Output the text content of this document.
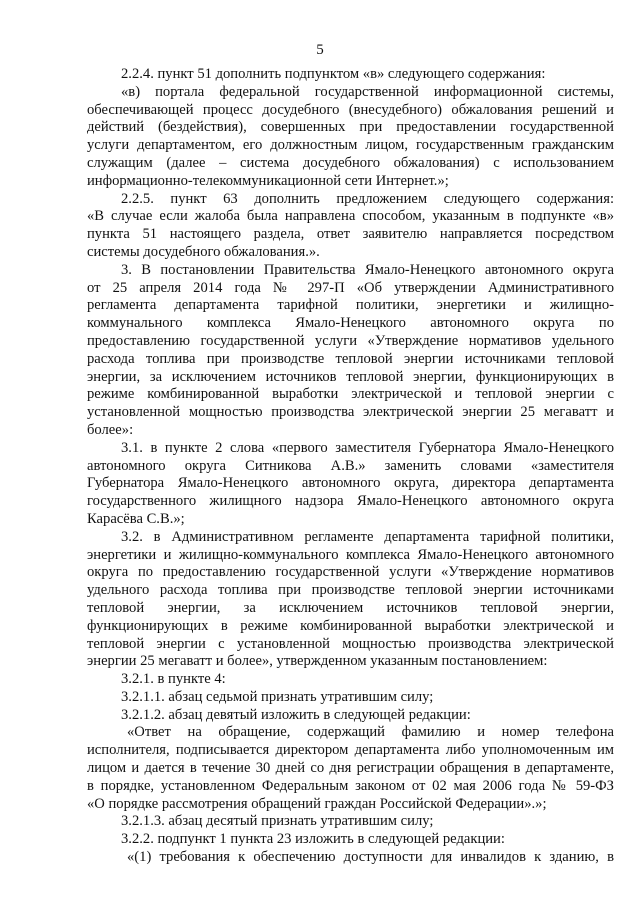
5
2.2.4. пункт 51 дополнить подпунктом «в» следующего содержания:
«в) портала федеральной государственной информационной системы,
обеспечивающей процесс досудебного (внесудебного) обжалования решений и
действий (бездействия), совершенных при предоставлении государственной
услуги департаментом, его должностным лицом, государственным гражданским
служащим (далее – система досудебного обжалования) с использованием
информационно-телекоммуникационной сети Интернет.»;
2.2.5. пункт 63 дополнить предложением следующего содержания:
«В случае если жалоба была направлена способом, указанным в подпункте «в»
пункта 51 настоящего раздела, ответ заявителю направляется посредством
системы досудебного обжалования.».
3. В постановлении Правительства Ямало-Ненецкого автономного округа
от 25 апреля 2014 года № 297-П «Об утверждении Административного
регламента департамента тарифной политики, энергетики и жилищно-
коммунального комплекса Ямало-Ненецкого автономного округа по
предоставлению государственной услуги «Утверждение нормативов удельного
расхода топлива при производстве тепловой энергии источниками тепловой
энергии, за исключением источников тепловой энергии, функционирующих в
режиме комбинированной выработки электрической и тепловой энергии с
установленной мощностью производства электрической энергии 25 мегаватт и
более»:
3.1. в пункте 2 слова «первого заместителя Губернатора Ямало-Ненецкого
автономного округа Ситникова А.В.» заменить словами «заместителя
Губернатора Ямало-Ненецкого автономного округа, директора департамента
государственного жилищного надзора Ямало-Ненецкого автономного округа
Карасёва С.В.»;
3.2. в Административном регламенте департамента тарифной политики,
энергетики и жилищно-коммунального комплекса Ямало-Ненецкого автономного
округа по предоставлению государственной услуги «Утверждение нормативов
удельного расхода топлива при производстве тепловой энергии источниками
тепловой энергии, за исключением источников тепловой энергии,
функционирующих в режиме комбинированной выработки электрической и
тепловой энергии с установленной мощностью производства электрической
энергии 25 мегаватт и более», утвержденном указанным постановлением:
3.2.1. в пункте 4:
3.2.1.1. абзац седьмой признать утратившим силу;
3.2.1.2. абзац девятый изложить в следующей редакции:
«Ответ на обращение, содержащий фамилию и номер телефона
исполнителя, подписывается директором департамента либо уполномоченным им
лицом и дается в течение 30 дней со дня регистрации обращения в департаменте,
в порядке, установленном Федеральным законом от 02 мая 2006 года № 59-ФЗ
«О порядке рассмотрения обращений граждан Российской Федерации».»;
3.2.1.3. абзац десятый признать утратившим силу;
3.2.2. подпункт 1 пункта 23 изложить в следующей редакции:
«(1) требования к обеспечению доступности для инвалидов к зданию, в
